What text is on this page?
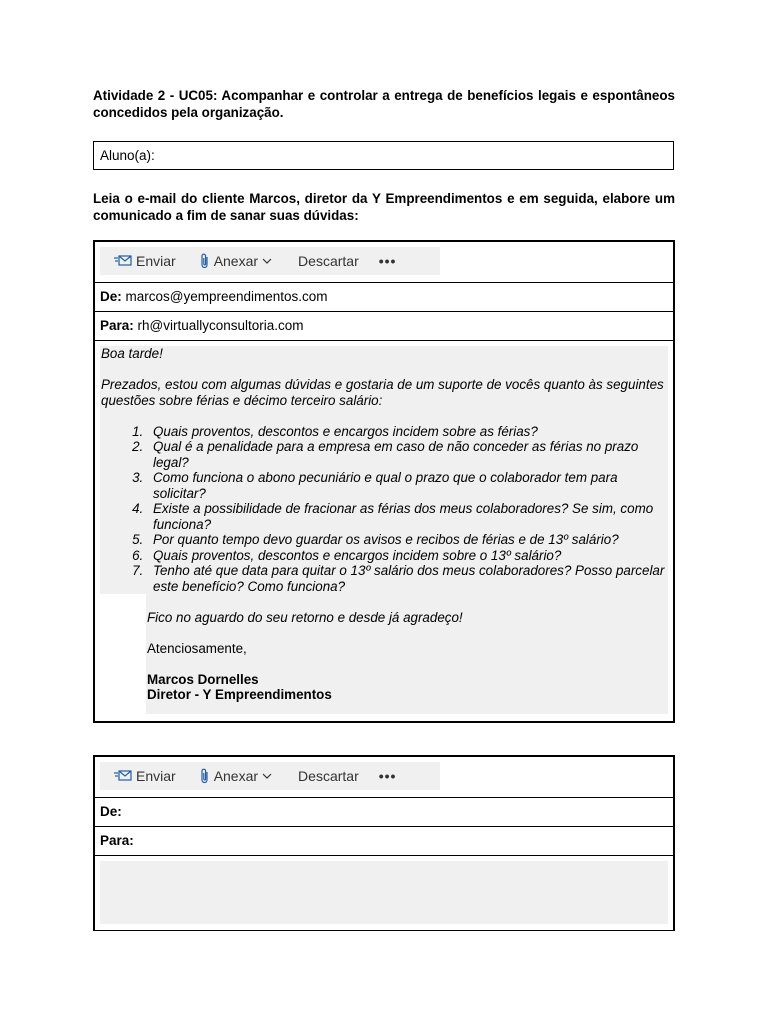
Atividade 2 - UC05: Acompanhar e controlar a entrega de benefícios legais e espontâneos concedidos pela organização.
Aluno(a):
Leia o e-mail do cliente Marcos, diretor da Y Empreendimentos e em seguida, elabore um comunicado a fim de sanar suas dúvidas:
Enviar	Anexar	Descartar •••
De: marcos@yempreendimentos.com
Para: rh@virtuallyconsultoria.com

Boa tarde!

Prezados, estou com algumas dúvidas e gostaria de um suporte de vocês quanto às seguintes questões sobre férias e décimo terceiro salário:

1. Quais proventos, descontos e encargos incidem sobre as férias?
2. Qual é a penalidade para a empresa em caso de não conceder as férias no prazo legal?
3. Como funciona o abono pecuniário e qual o prazo que o colaborador tem para solicitar?
4. Existe a possibilidade de fracionar as férias dos meus colaboradores? Se sim, como funciona?
5. Por quanto tempo devo guardar os avisos e recibos de férias e de 13º salário?
6. Quais proventos, descontos e encargos incidem sobre o 13º salário?
7. Tenho até que data para quitar o 13º salário dos meus colaboradores? Posso parcelar este benefício? Como funciona?

Fico no aguardo do seu retorno e desde já agradeço!

Atenciosamente,

Marcos Dornelles

Diretor - Y Empreendimentos

Enviar	Anexar	Descartar •••
De:
Para:
